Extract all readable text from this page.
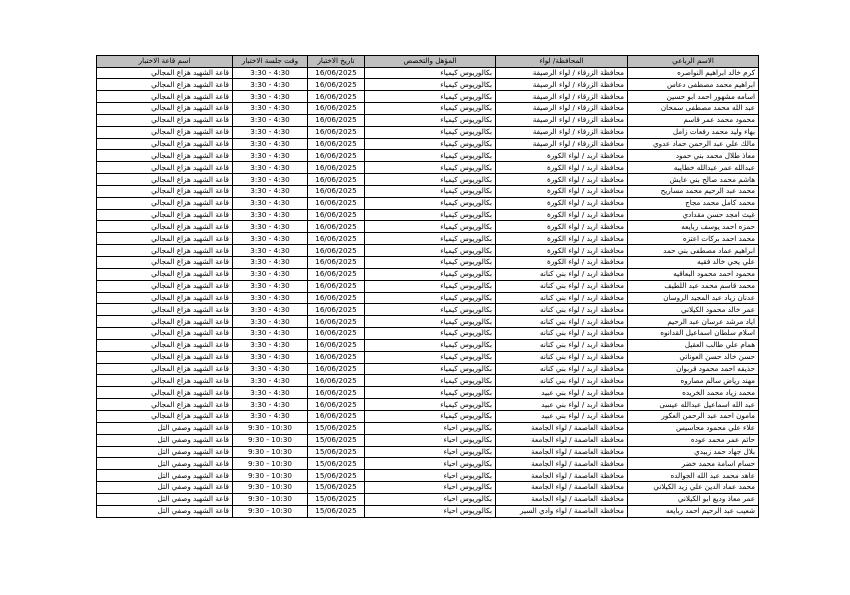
الاسم الرباعي	المحافظة/ لواء	المؤهل والتخصص	تاريخ الاختبار	وقت جلسة الاختبار	اسم قاعة الاختبار
كرم خالد ابراهيم النواصره	محافظة الزرقاء / لواء الرصيفة	بكالوريوس كيمياء	16/06/2025	3:30 - 4:30	قاعة الشهيد هزاع المجالي
ابراهيم محمد مصطفى دعاس	محافظة الزرقاء / لواء الرصيفة	بكالوريوس كيمياء	16/06/2025	3:30 - 4:30	قاعة الشهيد هزاع المجالي
اسامه مشهور احمد ابو حسين	محافظة الزرقاء / لواء الرصيفة	بكالوريوس كيمياء	16/06/2025	3:30 - 4:30	قاعة الشهيد هزاع المجالي
عبد الله محمد مصطفى سمحان	محافظة الزرقاء / لواء الرصيفة	بكالوريوس كيمياء	16/06/2025	3:30 - 4:30	قاعة الشهيد هزاع المجالي
محمود محمد عمر قاسم	محافظة الزرقاء / لواء الرصيفة	بكالوريوس كيمياء	16/06/2025	3:30 - 4:30	قاعة الشهيد هزاع المجالي
بهاء وليد محمد رفعات زامل	محافظة الزرقاء / لواء الرصيفة	بكالوريوس كيمياء	16/06/2025	3:30 - 4:30	قاعة الشهيد هزاع المجالي
مالك علي عبد الرحمن حماد عدوي	محافظة الزرقاء / لواء الرصيفة	بكالوريوس كيمياء	16/06/2025	3:30 - 4:30	قاعة الشهيد هزاع المجالي
معاذ طلال محمد بني حمود	محافظة اربد / لواء الكورة	بكالوريوس كيمياء	16/06/2025	3:30 - 4:30	قاعة الشهيد هزاع المجالي
عبدالله عمر عبدالله خطايبه	محافظة اربد / لواء الكورة	بكالوريوس كيمياء	16/06/2025	3:30 - 4:30	قاعة الشهيد هزاع المجالي
هاشم محمد صالح بني عايش	محافظة اربد / لواء الكورة	بكالوريوس كيمياء	16/06/2025	3:30 - 4:30	قاعة الشهيد هزاع المجالي
محمد عبد الرحيم محمد مساريح	محافظة اربد / لواء الكورة	بكالوريوس كيمياء	16/06/2025	3:30 - 4:30	قاعة الشهيد هزاع المجالي
محمد كامل محمد مجاج	محافظة اربد / لواء الكورة	بكالوريوس كيمياء	16/06/2025	3:30 - 4:30	قاعة الشهيد هزاع المجالي
غيث امجد حسن مقدادي	محافظة اربد / لواء الكورة	بكالوريوس كيمياء	16/06/2025	3:30 - 4:30	قاعة الشهيد هزاع المجالي
حمزه احمد يوسف ربايعه	محافظة اربد / لواء الكورة	بكالوريوس كيمياء	16/06/2025	3:30 - 4:30	قاعة الشهيد هزاع المجالي
محمد احمد بركات اعتزه	محافظة اربد / لواء الكورة	بكالوريوس كيمياء	16/06/2025	3:30 - 4:30	قاعة الشهيد هزاع المجالي
ابراهيم عماد مصطفى بني حمد	محافظة اربد / لواء الكورة	بكالوريوس كيمياء	16/06/2025	3:30 - 4:30	قاعة الشهيد هزاع المجالي
علي يحي خالد فقيه	محافظة اربد / لواء الكورة	بكالوريوس كيمياء	16/06/2025	3:30 - 4:30	قاعة الشهيد هزاع المجالي
محمود احمد محمود البعاقيه	محافظة اربد / لواء بني كنانه	بكالوريوس كيمياء	16/06/2025	3:30 - 4:30	قاعة الشهيد هزاع المجالي
محمد قاسم محمد عبد اللطيف	محافظة اربد / لواء بني كنانه	بكالوريوس كيمياء	16/06/2025	3:30 - 4:30	قاعة الشهيد هزاع المجالي
عدنان زياد عبد المجيد الروسان	محافظة اربد / لواء بني كنانه	بكالوريوس كيمياء	16/06/2025	3:30 - 4:30	قاعة الشهيد هزاع المجالي
عمر خالد محمود الكيلاني	محافظة اربد / لواء بني كنانه	بكالوريوس كيمياء	16/06/2025	3:30 - 4:30	قاعة الشهيد هزاع المجالي
اياد مرشد عرسان عبد الرحيم	محافظة اربد / لواء بني كنانه	بكالوريوس كيمياء	16/06/2025	3:30 - 4:30	قاعة الشهيد هزاع المجالي
اسلام سلطان اسماعيل القدانوه	محافظة اربد / لواء بني كنانه	بكالوريوس كيمياء	16/06/2025	3:30 - 4:30	قاعة الشهيد هزاع المجالي
همام علي طالب العقيل	محافظة اربد / لواء بني كنانه	بكالوريوس كيمياء	16/06/2025	3:30 - 4:30	قاعة الشهيد هزاع المجالي
حسن خالد حسن العوناتي	محافظة اربد / لواء بني كنانه	بكالوريوس كيمياء	16/06/2025	3:30 - 4:30	قاعة الشهيد هزاع المجالي
حذيفه احمد محمود قربوان	محافظة اربد / لواء بني كنانه	بكالوريوس كيمياء	16/06/2025	3:30 - 4:30	قاعة الشهيد هزاع المجالي
مهند رياض سالم مصاروه	محافظة اربد / لواء بني كنانه	بكالوريوس كيمياء	16/06/2025	3:30 - 4:30	قاعة الشهيد هزاع المجالي
محمد زياد محمد الخريده	محافظة اربد / لواء بني عبيد	بكالوريوس كيمياء	16/06/2025	3:30 - 4:30	قاعة الشهيد هزاع المجالي
عبد الله اسماعيل عبدالله عيسى	محافظة اربد / لواء بني عبيد	بكالوريوس كيمياء	16/06/2025	3:30 - 4:30	قاعة الشهيد هزاع المجالي
مامون احمد عبد الرحمن العكور	محافظة اربد / لواء بني عبيد	بكالوريوس كيمياء	16/06/2025	3:30 - 4:30	قاعة الشهيد هزاع المجالي
علاء علي محمود محاسيس	محافظة العاصمة / لواء الجامعة	بكالوريوس احياء	15/06/2025	9:30 - 10:30	قاعة الشهيد وصفي التل
حاتم عمر محمد عوده	محافظة العاصمة / لواء الجامعة	بكالوريوس احياء	15/06/2025	9:30 - 10:30	قاعة الشهيد وصفي التل
بلال جهاد حمد زبيدي	محافظة العاصمة / لواء الجامعة	بكالوريوس احياء	15/06/2025	9:30 - 10:30	قاعة الشهيد وصفي التل
حسام اسامة محمد خضر	محافظة العاصمة / لواء الجامعة	بكالوريوس احياء	15/06/2025	9:30 - 10:30	قاعة الشهيد وصفي التل
عاهد محمد عبد الله الجوالده	محافظة العاصمة / لواء الجامعة	بكالوريوس احياء	15/06/2025	9:30 - 10:30	قاعة الشهيد وصفي التل
محمد عماد الدين علي زيد الكيلاني	محافظة العاصمة / لواء الجامعة	بكالوريوس احياء	15/06/2025	9:30 - 10:30	قاعة الشهيد وصفي التل
عمر معاذ وديع ابو الكيلاني	محافظة العاصمة / لواء الجامعة	بكالوريوس احياء	15/06/2025	9:30 - 10:30	قاعة الشهيد وصفي التل
شعيب عبد الرحيم احمد ربايعه	محافظة العاصمة / لواء وادي السير	بكالوريوس احياء	15/06/2025	9:30 - 10:30	قاعة الشهيد وصفي التل
